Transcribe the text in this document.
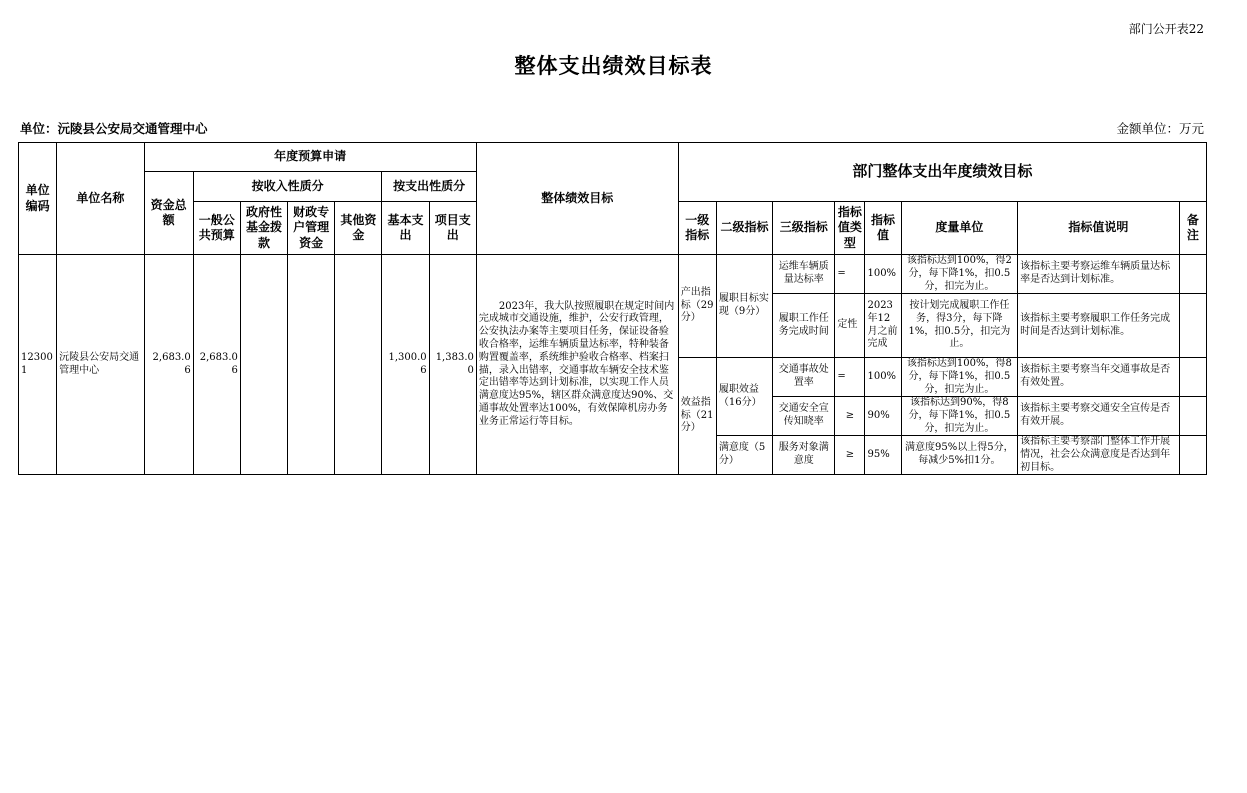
部门公开表22
整体支出绩效目标表
单位：沅陵县公安局交通管理中心	金额单位：万元
单位编码	单位名称	年度预算申请							整体绩效目标	部门整体支出年度绩效目标							
		资金总额	按收入性质分				按支出性质分										
			一般公共预算	政府性基金拨款	财政专户管理资金	其他资金	基本支出	项目支出		一级指标	二级指标	三级指标	指标值类型	指标值	度量单位	指标值说明	备注
123001	沅陵县公安局交通管理中心	2,683.06	2,683.06				1,300.06	1,383.00	2023年，我大队按照履职在规定时间内完成城市交通设施，维护，公安行政管理，公安执法办案等主要项目任务，保证设备验收合格率，运维车辆质量达标率，特种装备购置覆盖率，系统维护验收合格率、档案扫描，录入出错率，交通事故车辆安全技术鉴定出错率等达到计划标准，以实现工作人员满意度达95%，辖区群众满意度达90%、交通事故处置率达100%，有效保障机房办务业务正常运行等目标。	产出指标（29分）	履职目标实现（9分）	运维车辆质量达标率	=	100%	该指标达到100%，得2分，每下降1%，扣0.5分，扣完为止。	该指标主要考察运维车辆质量达标率是否达到计划标准。	
												履职工作任务完成时间	定性	2023年12月之前完成	按计划完成履职工作任务，得3分，每下降1%，扣0.5分，扣完为止。	该指标主要考察履职工作任务完成时间是否达到计划标准。	
										效益指标（21分）	履职效益（16分）	交通事故处置率	=	100%	该指标达到100%，得8分，每下降1%，扣0.5分，扣完为止。	该指标主要考察当年交通事故是否有效处置。	
												交通安全宣传知晓率	≥	90%	该指标达到90%，得8分，每下降1%，扣0.5分，扣完为止。	该指标主要考察交通安全宣传是否有效开展。	
											满意度（5分）	服务对象满意度	≥	95%	满意度95%以上得5分，每减少5%扣1分。	该指标主要考察部门整体工作开展情况，社会公众满意度是否达到年初目标。	
